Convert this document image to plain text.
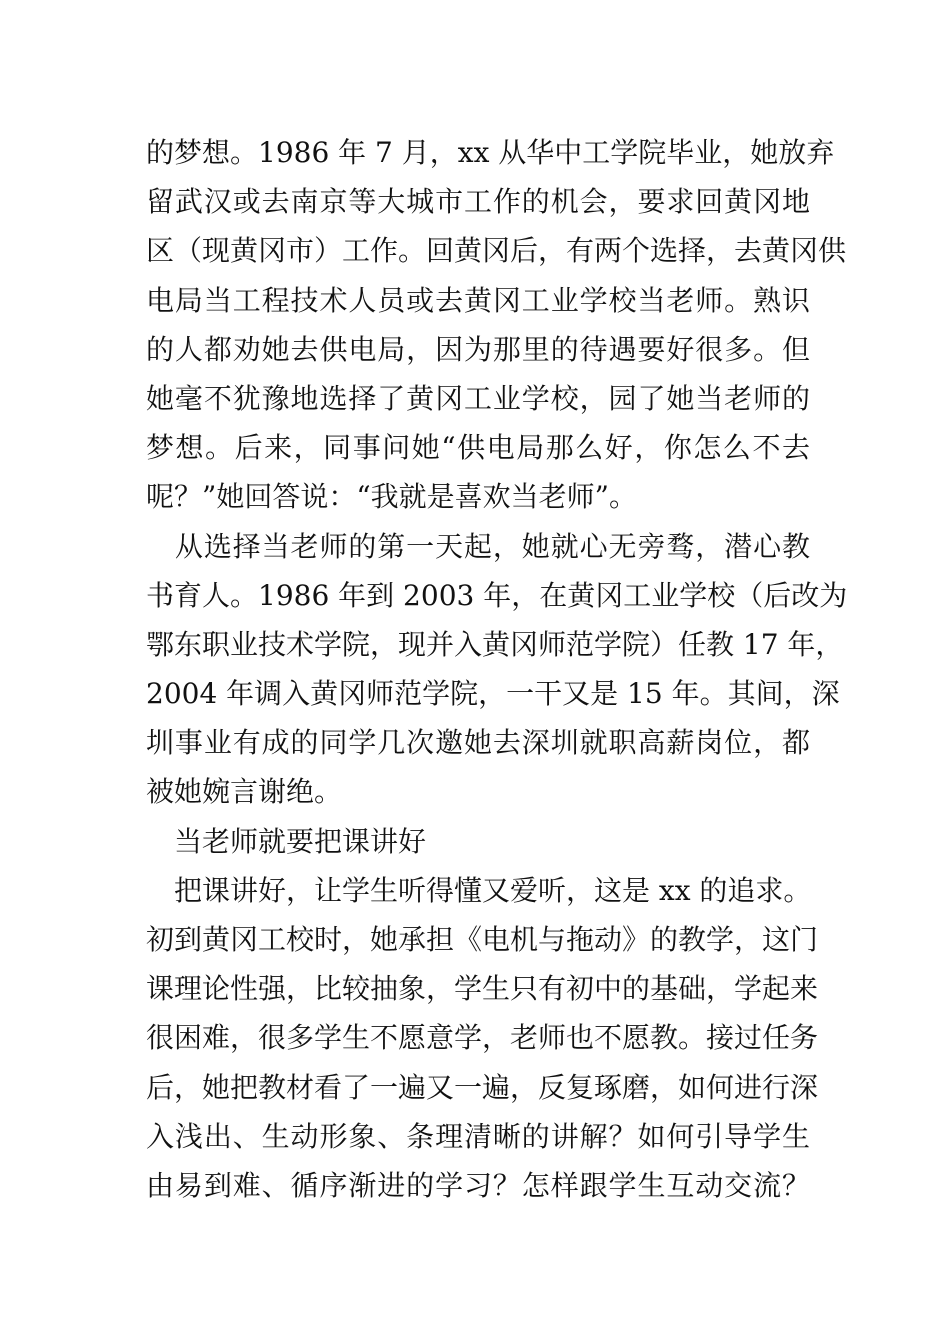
的梦想。1986 年 7 月，xx 从华中工学院毕业，她放弃
留武汉或去南京等大城市工作的机会，要求回黄冈地
区（现黄冈市）工作。回黄冈后，有两个选择，去黄冈供
电局当工程技术人员或去黄冈工业学校当老师。熟识
的人都劝她去供电局，因为那里的待遇要好很多。但
她毫不犹豫地选择了黄冈工业学校，园了她当老师的
梦想。后来，同事问她“供电局那么好，你怎么不去
呢？”她回答说：“我就是喜欢当老师”。
　从选择当老师的第一天起，她就心无旁骛，潜心教
书育人。1986 年到 2003 年，在黄冈工业学校（后改为
鄂东职业技术学院，现并入黄冈师范学院）任教 17 年，
2004 年调入黄冈师范学院，一干又是 15 年。其间，深
圳事业有成的同学几次邀她去深圳就职高薪岗位，都
被她婉言谢绝。
　当老师就要把课讲好
　把课讲好，让学生听得懂又爱听，这是 xx 的追求。
初到黄冈工校时，她承担《电机与拖动》的教学，这门
课理论性强，比较抽象，学生只有初中的基础，学起来
很困难，很多学生不愿意学，老师也不愿教。接过任务
后，她把教材看了一遍又一遍，反复琢磨，如何进行深
入浅出、生动形象、条理清晰的讲解？如何引导学生
由易到难、循序渐进的学习？怎样跟学生互动交流？
